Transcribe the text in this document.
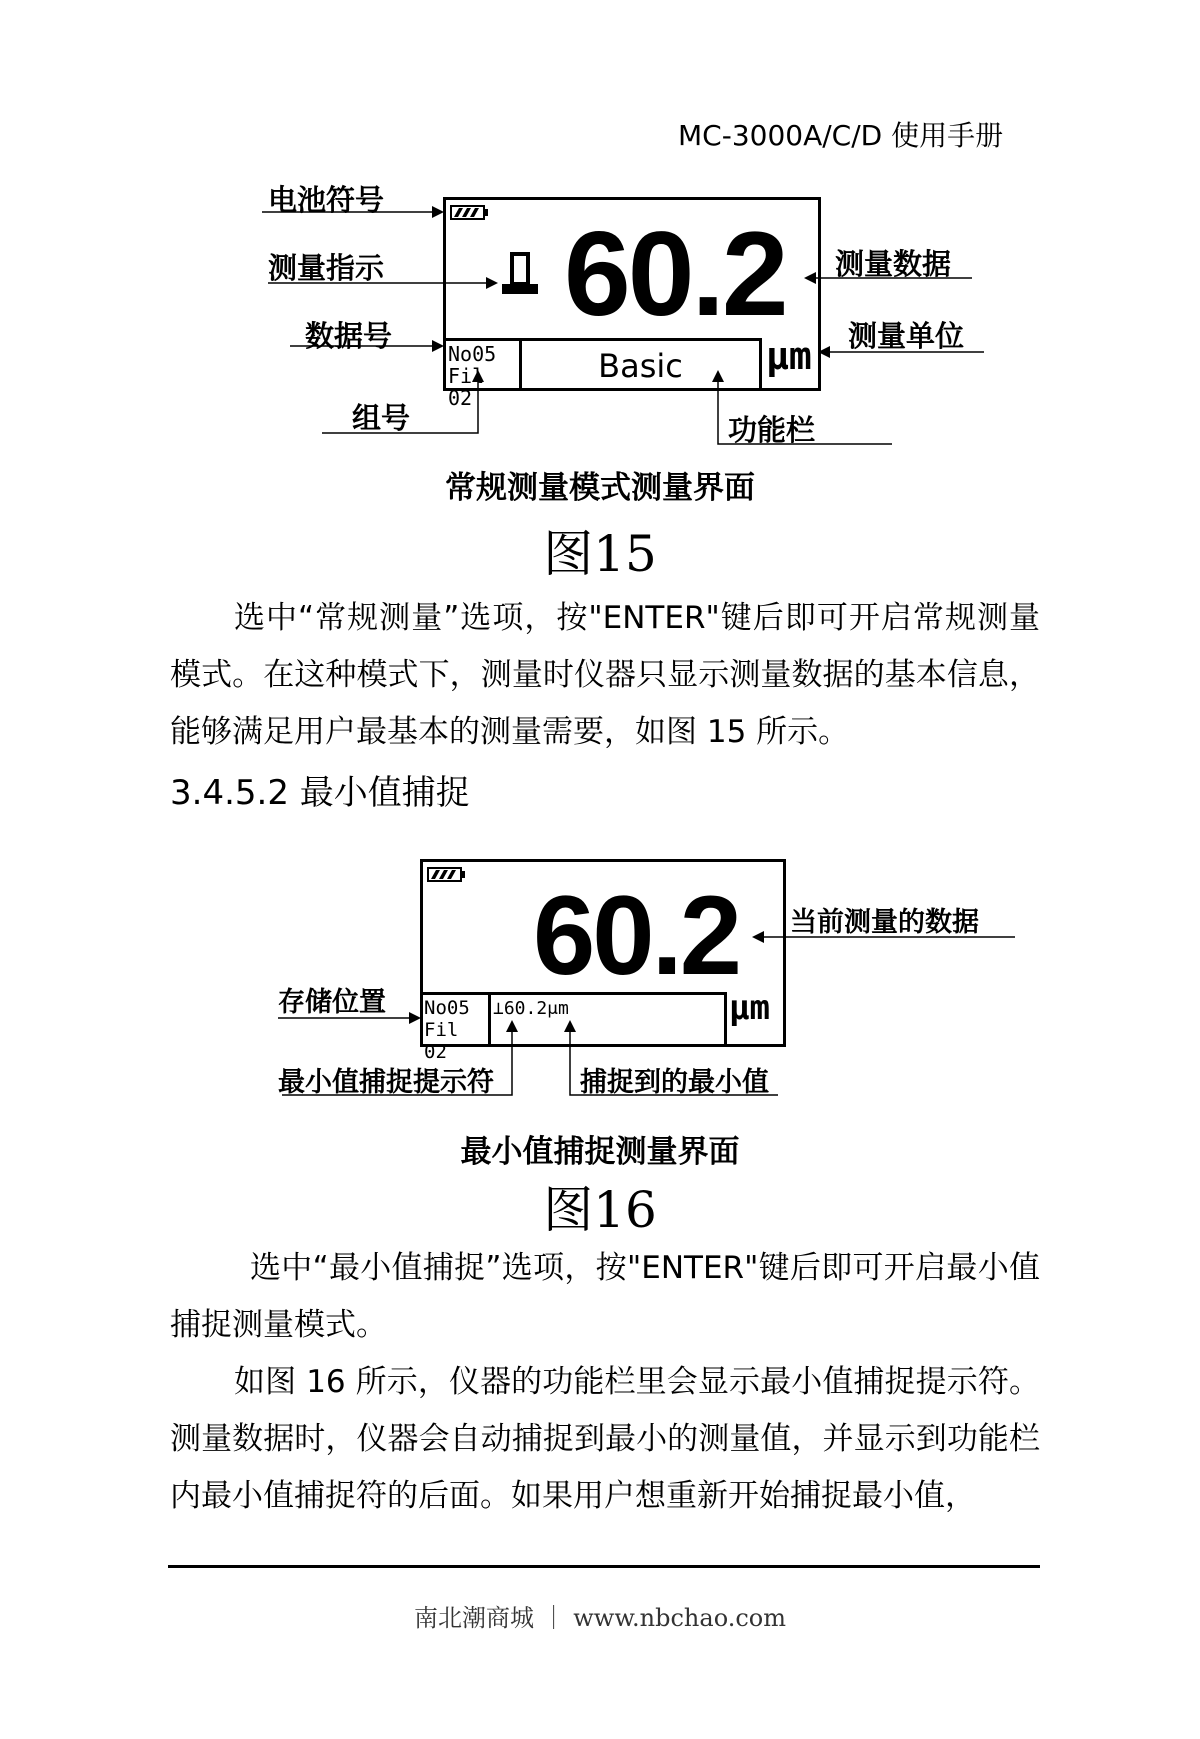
MC-3000A/C/D 使用手册
60.2
No05
Fil 02
Basic	μm
电池符号
测量指示
数据号
组号
测量数据
测量单位
功能栏
常规测量模式测量界面
图15
选中“常规测量”选项，按"ENTER"键后即可开启常规测量模式。在这种模式下，测量时仪器只显示测量数据的基本信息，能够满足用户最基本的测量需要，如图 15 所示。
3.4.5.2 最小值捕捉
60.2
No05
Fil 02
⊥60.2μm	μm
当前测量的数据
存储位置
最小值捕捉提示符	捕捉到的最小值
最小值捕捉测量界面
图16
选中“最小值捕捉”选项，按"ENTER"键后即可开启最小值捕捉测量模式。
如图 16 所示，仪器的功能栏里会显示最小值捕捉提示符。测量数据时，仪器会自动捕捉到最小的测量值，并显示到功能栏内最小值捕捉符的后面。如果用户想重新开始捕捉最小值，
南北潮商城 ｜ www.nbchao.com
